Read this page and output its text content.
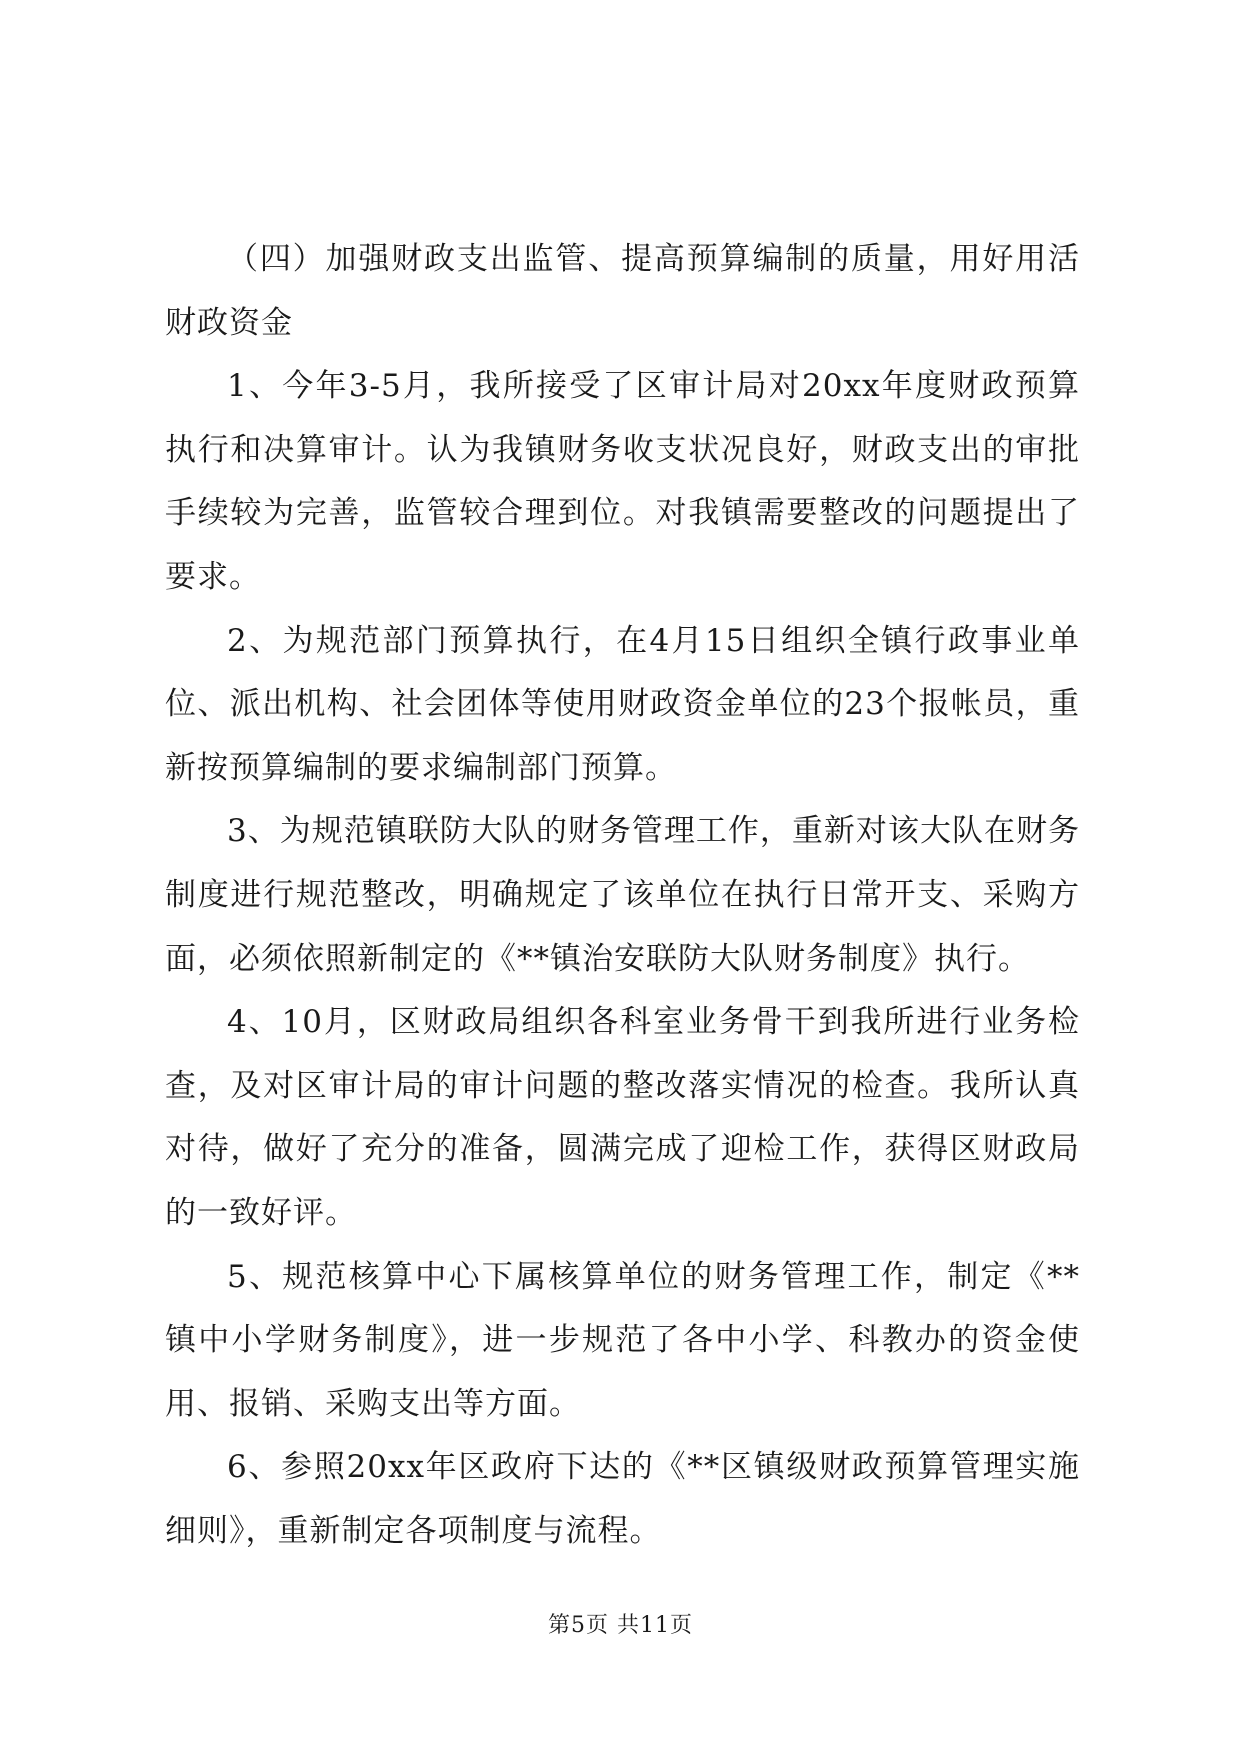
（四）加强财政支出监管、提高预算编制的质量，用好用活财政资金

1、今年3-5月，我所接受了区审计局对20xx年度财政预算执行和决算审计。认为我镇财务收支状况良好，财政支出的审批手续较为完善，监管较合理到位。对我镇需要整改的问题提出了要求。

2、为规范部门预算执行，在4月15日组织全镇行政事业单位、派出机构、社会团体等使用财政资金单位的23个报帐员，重新按预算编制的要求编制部门预算。

3、为规范镇联防大队的财务管理工作，重新对该大队在财务制度进行规范整改，明确规定了该单位在执行日常开支、采购方面，必须依照新制定的《**镇治安联防大队财务制度》执行。

4、10月，区财政局组织各科室业务骨干到我所进行业务检查，及对区审计局的审计问题的整改落实情况的检查。我所认真对待，做好了充分的准备，圆满完成了迎检工作，获得区财政局的一致好评。

5、规范核算中心下属核算单位的财务管理工作，制定《**镇中小学财务制度》，进一步规范了各中小学、科教办的资金使用、报销、采购支出等方面。

6、参照20xx年区政府下达的《**区镇级财政预算管理实施细则》，重新制定各项制度与流程。

第5页 共11页
